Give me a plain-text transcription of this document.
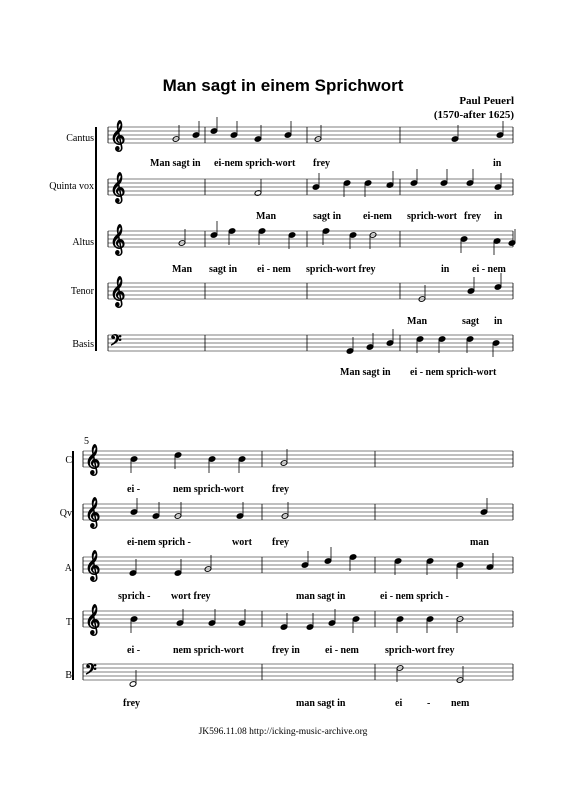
Man sagt in einem Sprichwort
Paul Peuerl
(1570-after 1625)
𝄞
𝄞
𝄞
𝄞
𝄢
𝄞
𝄞
𝄞
𝄞
𝄢
Cantus
Quinta vox
Altus
Tenor
Basis
Man sagt in ei-nem sprich-wort frey	in
Man	sagt in ei-nem sprich-wort frey in
Man sagt in ei - nem sprich-wort frey	in ei - nem
Man	sagt in
Man sagt in ei - nem sprich-wort
5
C
Qv
A
T
B
ei -	nem sprich-wort	frey
ei-nem sprich -	wort frey	man
sprich - wort frey	man sagt in	ei - nem sprich -
ei -	nem sprich-wort	frey in	ei - nem	sprich-wort frey
frey	man sagt in	ei - nem
JK596.11.08 http://icking-music-archive.org
